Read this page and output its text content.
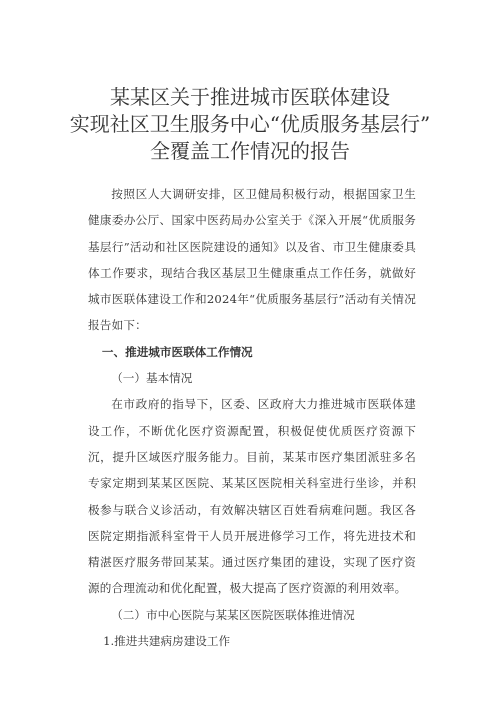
某某区关于推进城市医联体建设
实现社区卫生服务中心“优质服务基层行”
全覆盖工作情况的报告

按照区人大调研安排，区卫健局积极行动，根据国家卫生健康委办公厅、国家中医药局办公室关于《深入开展“优质服务基层行”活动和社区医院建设的通知》以及省、市卫生健康委具体工作要求，现结合我区基层卫生健康重点工作任务，就做好城市医联体建设工作和2024年“优质服务基层行”活动有关情况报告如下：

一、推进城市医联体工作情况

（一）基本情况

在市政府的指导下，区委、区政府大力推进城市医联体建设工作，不断优化医疗资源配置，积极促使优质医疗资源下沉，提升区域医疗服务能力。目前，某某市医疗集团派驻多名专家定期到某某区医院、某某区医院相关科室进行坐诊，并积极参与联合义诊活动，有效解决辖区百姓看病难问题。我区各医院定期指派科室骨干人员开展进修学习工作，将先进技术和精湛医疗服务带回某某。通过医疗集团的建设，实现了医疗资源的合理流动和优化配置，极大提高了医疗资源的利用效率。

（二）市中心医院与某某区医院医联体推进情况

1.推进共建病房建设工作
